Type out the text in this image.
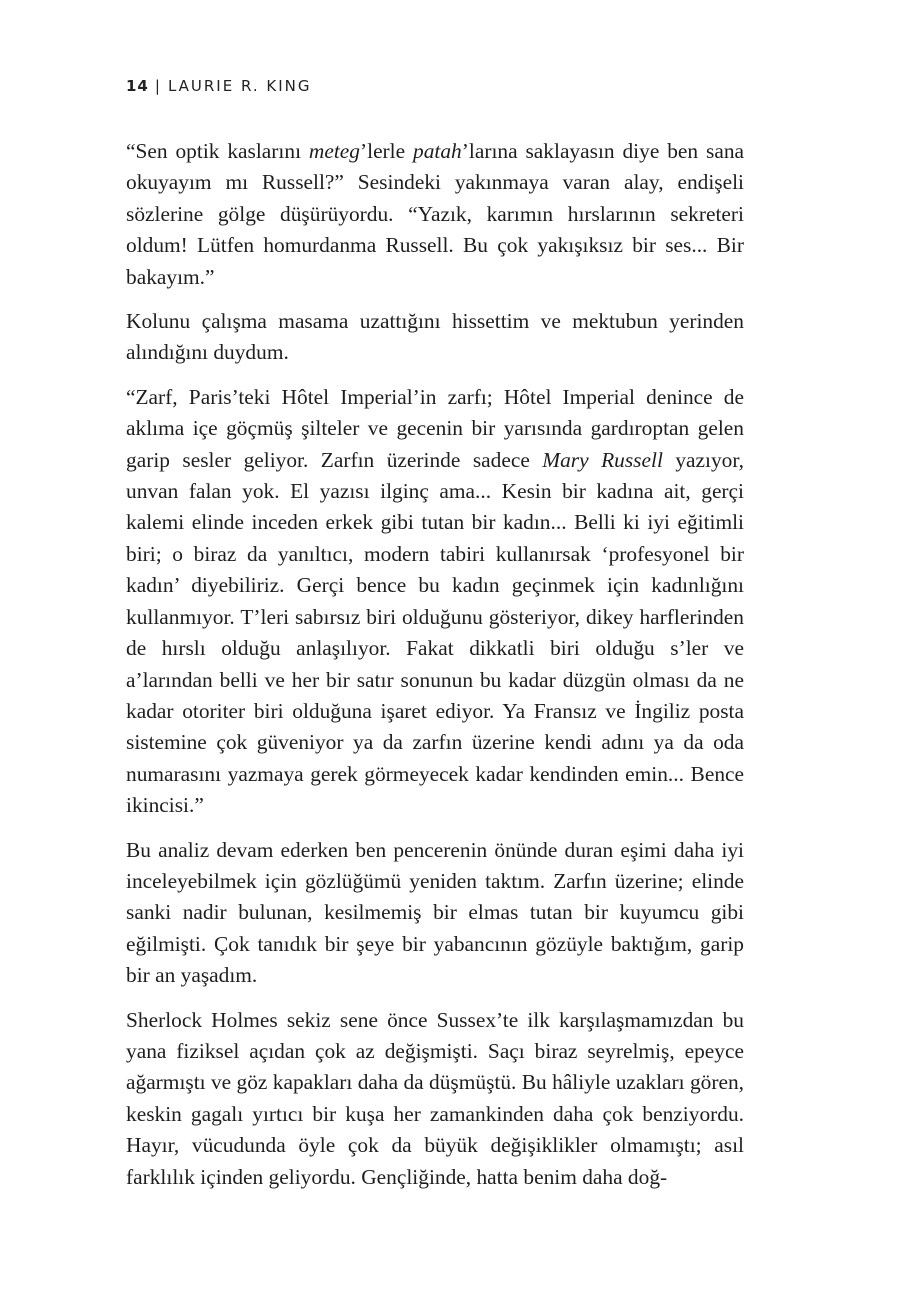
14 | LAURIE R. KING

“Sen optik kaslarını meteg’lerle patah’larına saklayasın diye ben sana okuyayım mı Russell?” Sesindeki yakınmaya varan alay, endişeli sözlerine gölge düşürüyordu. “Yazık, karımın hırslarının sekreteri oldum! Lütfen homurdanma Russell. Bu çok yakışıksız bir ses... Bir bakayım.”

Kolunu çalışma masama uzattığını hissettim ve mektubun yerinden alındığını duydum.

“Zarf, Paris’teki Hôtel Imperial’in zarfı; Hôtel Imperial denince de aklıma içe göçmüş şilteler ve gecenin bir yarısında gardıroptan gelen garip sesler geliyor. Zarfın üzerinde sadece Mary Russell yazıyor, unvan falan yok. El yazısı ilginç ama... Kesin bir kadına ait, gerçi kalemi elinde inceden erkek gibi tutan bir kadın... Belli ki iyi eğitimli biri; o biraz da yanıltıcı, modern tabiri kullanırsak ‘profesyonel bir kadın’ diyebiliriz. Gerçi bence bu kadın geçinmek için kadınlığını kullanmıyor. T’leri sabırsız biri olduğunu gösteriyor, dikey harflerinden de hırslı olduğu anlaşılıyor. Fakat dikkatli biri olduğu s’ler ve a’larından belli ve her bir satır sonunun bu kadar düzgün olması da ne kadar otoriter biri olduğuna işaret ediyor. Ya Fransız ve İngiliz posta sistemine çok güveniyor ya da zarfın üzerine kendi adını ya da oda numarasını yazmaya gerek görmeyecek kadar kendinden emin... Bence ikincisi.”

Bu analiz devam ederken ben pencerenin önünde duran eşimi daha iyi inceleyebilmek için gözlüğümü yeniden taktım. Zarfın üzerine; elinde sanki nadir bulunan, kesilmemiş bir elmas tutan bir kuyumcu gibi eğilmişti. Çok tanıdık bir şeye bir yabancının gözüyle baktığım, garip bir an yaşadım.

Sherlock Holmes sekiz sene önce Sussex’te ilk karşılaşmamızdan bu yana fiziksel açıdan çok az değişmişti. Saçı biraz seyrelmiş, epeyce ağarmıştı ve göz kapakları daha da düşmüştü. Bu hâliyle uzakları gören, keskin gagalı yırtıcı bir kuşa her zamankinden daha çok benziyordu. Hayır, vücudunda öyle çok da büyük değişiklikler olmamıştı; asıl farklılık içinden geliyordu. Gençliğinde, hatta benim daha doğ-
